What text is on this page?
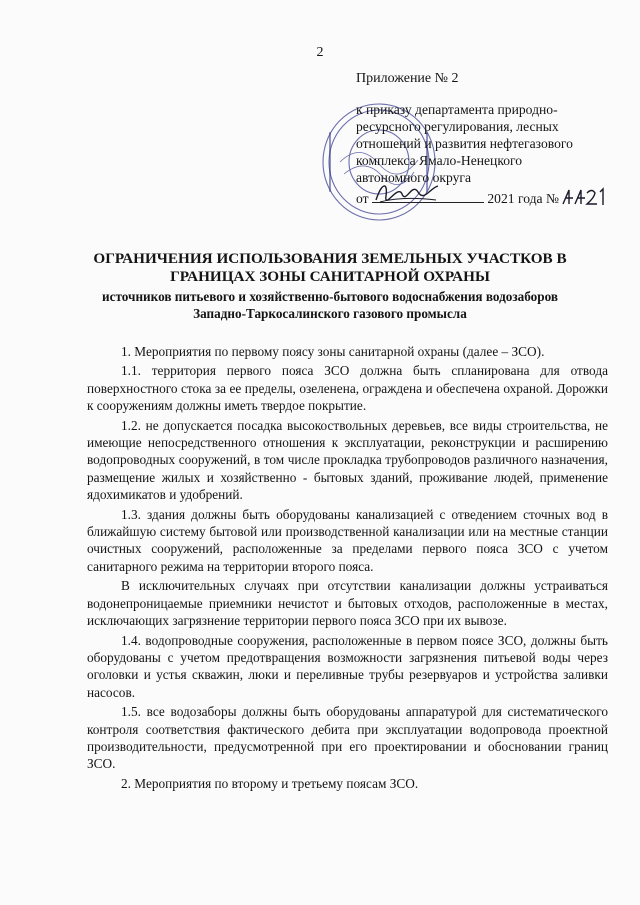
2

Приложение № 2

к приказу департамента природно-
ресурсного регулирования, лесных
отношений и развития нефтегазового
комплекса Ямало-Ненецкого
автономного округа
от	2021 года №
ОГРАНИЧЕНИЯ ИСПОЛЬЗОВАНИЯ ЗЕМЕЛЬНЫХ УЧАСТКОВ В
ГРАНИЦАХ ЗОНЫ САНИТАРНОЙ ОХРАНЫ
источников питьевого и хозяйственно-бытового водоснабжения водозаборов
Западно-Таркосалинского газового промысла

1. Мероприятия по первому поясу зоны санитарной охраны (далее – ЗСО).

1.1. территория первого пояса ЗСО должна быть спланирована для отвода поверхностного стока за ее пределы, озеленена, ограждена и обеспечена охраной. Дорожки к сооружениям должны иметь твердое покрытие.

1.2. не допускается посадка высокоствольных деревьев, все виды строительства, не имеющие непосредственного отношения к эксплуатации, реконструкции и расширению водопроводных сооружений, в том числе прокладка трубопроводов различного назначения, размещение жилых и хозяйственно - бытовых зданий, проживание людей, применение ядохимикатов и удобрений.

1.3. здания должны быть оборудованы канализацией с отведением сточных вод в ближайшую систему бытовой или производственной канализации или на местные станции очистных сооружений, расположенные за пределами первого пояса ЗСО с учетом санитарного режима на территории второго пояса.

В исключительных случаях при отсутствии канализации должны устраиваться водонепроницаемые приемники нечистот и бытовых отходов, расположенные в местах, исключающих загрязнение территории первого пояса ЗСО при их вывозе.

1.4. водопроводные сооружения, расположенные в первом поясе ЗСО, должны быть оборудованы с учетом предотвращения возможности загрязнения питьевой воды через оголовки и устья скважин, люки и переливные трубы резервуаров и устройства заливки насосов.

1.5. все водозаборы должны быть оборудованы аппаратурой для систематического контроля соответствия фактического дебита при эксплуатации водопровода проектной производительности, предусмотренной при его проектировании и обосновании границ ЗСО.

2. Мероприятия по второму и третьему поясам ЗСО.
